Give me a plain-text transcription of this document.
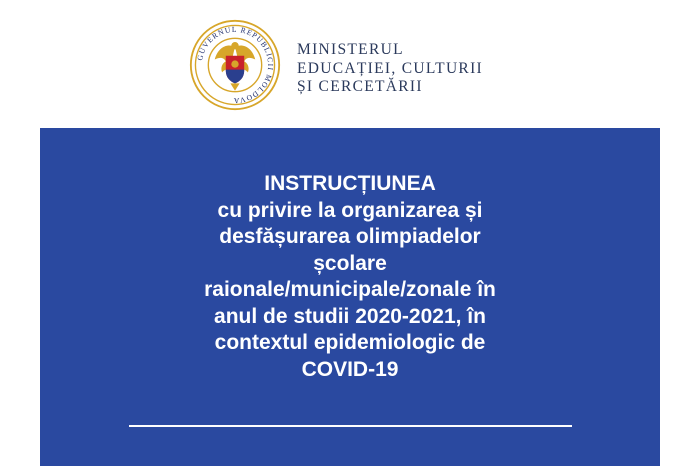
GUVERNUL REPUBLICII MOLDOVA
MINISTERUL
EDUCAȚIEI, CULTURII
ȘI CERCETĂRII
INSTRUCȚIUNEA
cu privire la organizarea și
desfășurarea olimpiadelor
școlare
raionale/municipale/zonale în
anul de studii 2020-2021, în
contextul epidemiologic de
COVID-19
